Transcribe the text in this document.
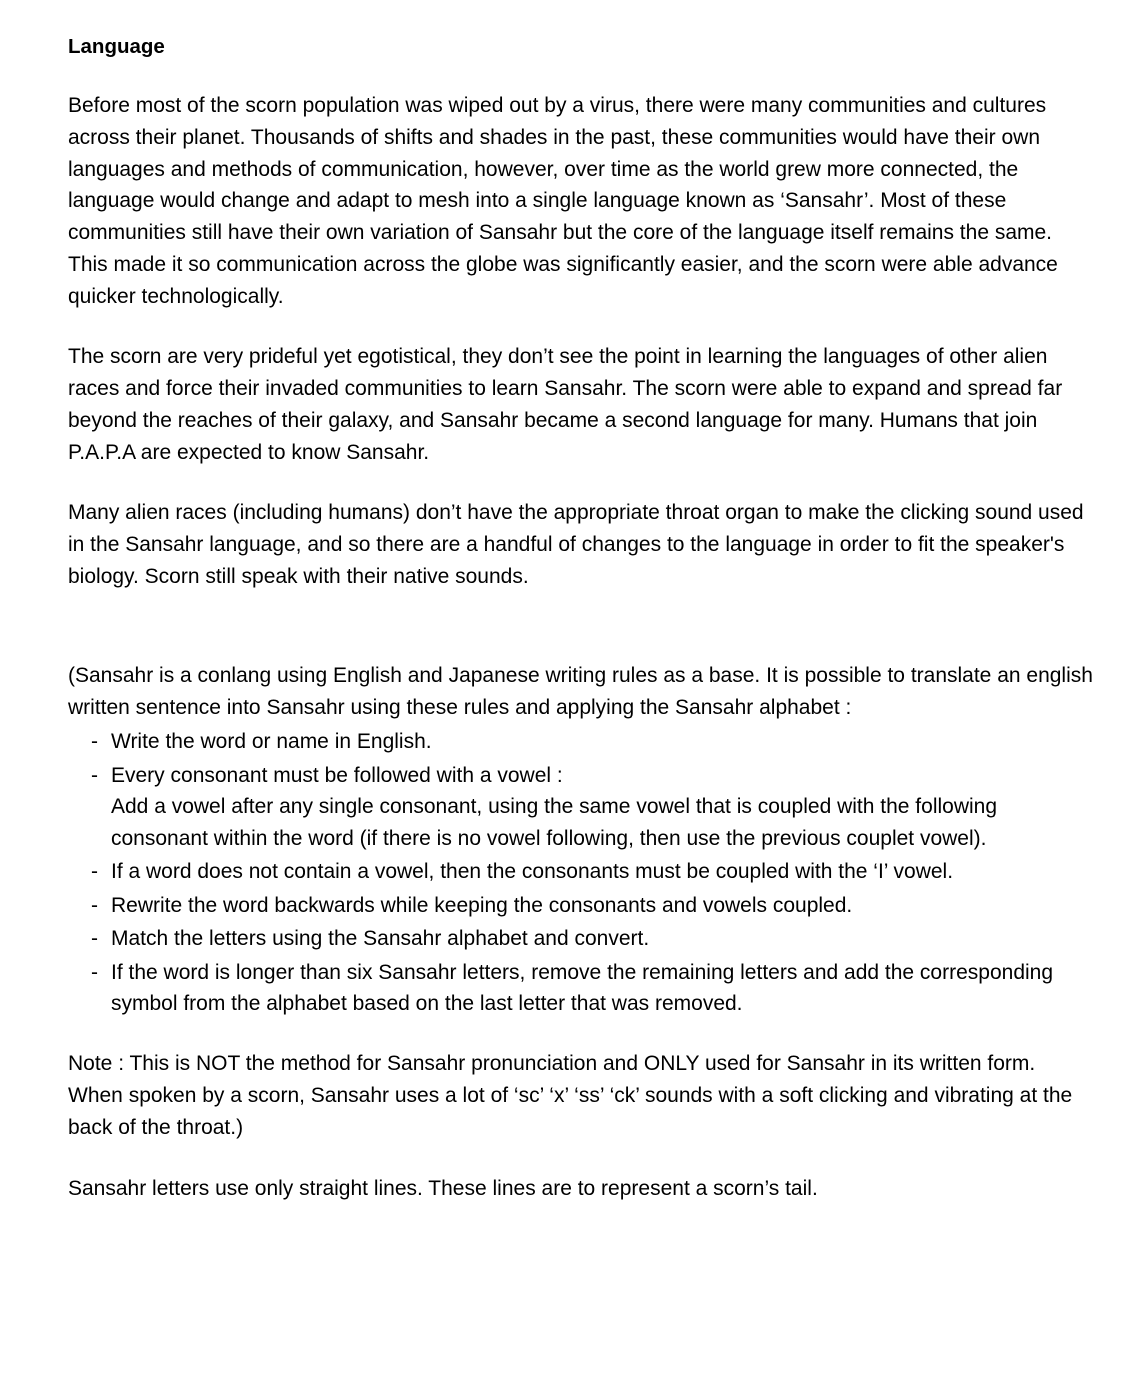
Language

Before most of the scorn population was wiped out by a virus, there were many communities and cultures across their planet. Thousands of shifts and shades in the past, these communities would have their own languages and methods of communication, however, over time as the world grew more connected, the language would change and adapt to mesh into a single language known as ‘Sansahr’. Most of these communities still have their own variation of Sansahr but the core of the language itself remains the same. This made it so communication across the globe was significantly easier, and the scorn were able advance quicker technologically.

The scorn are very prideful yet egotistical, they don’t see the point in learning the languages of other alien races and force their invaded communities to learn Sansahr. The scorn were able to expand and spread far beyond the reaches of their galaxy, and Sansahr became a second language for many. Humans that join P.A.P.A are expected to know Sansahr.

Many alien races (including humans) don’t have the appropriate throat organ to make the clicking sound used in the Sansahr language, and so there are a handful of changes to the language in order to fit the speaker's biology. Scorn still speak with their native sounds.

(Sansahr is a conlang using English and Japanese writing rules as a base. It is possible to translate an english written sentence into Sansahr using these rules and applying the Sansahr alphabet :

- Write the word or name in English.
- Every consonant must be followed with a vowel :
Add a vowel after any single consonant, using the same vowel that is coupled with the following consonant within the word (if there is no vowel following, then use the previous couplet vowel).
- If a word does not contain a vowel, then the consonants must be coupled with the ‘I’ vowel.
- Rewrite the word backwards while keeping the consonants and vowels coupled.
- Match the letters using the Sansahr alphabet and convert.
- If the word is longer than six Sansahr letters, remove the remaining letters and add the corresponding symbol from the alphabet based on the last letter that was removed.

Note : This is NOT the method for Sansahr pronunciation and ONLY used for Sansahr in its written form.

When spoken by a scorn, Sansahr uses a lot of ‘sc’ ‘x’ ‘ss’ ‘ck’ sounds with a soft clicking and vibrating at the back of the throat.)

Sansahr letters use only straight lines. These lines are to represent a scorn’s tail.
